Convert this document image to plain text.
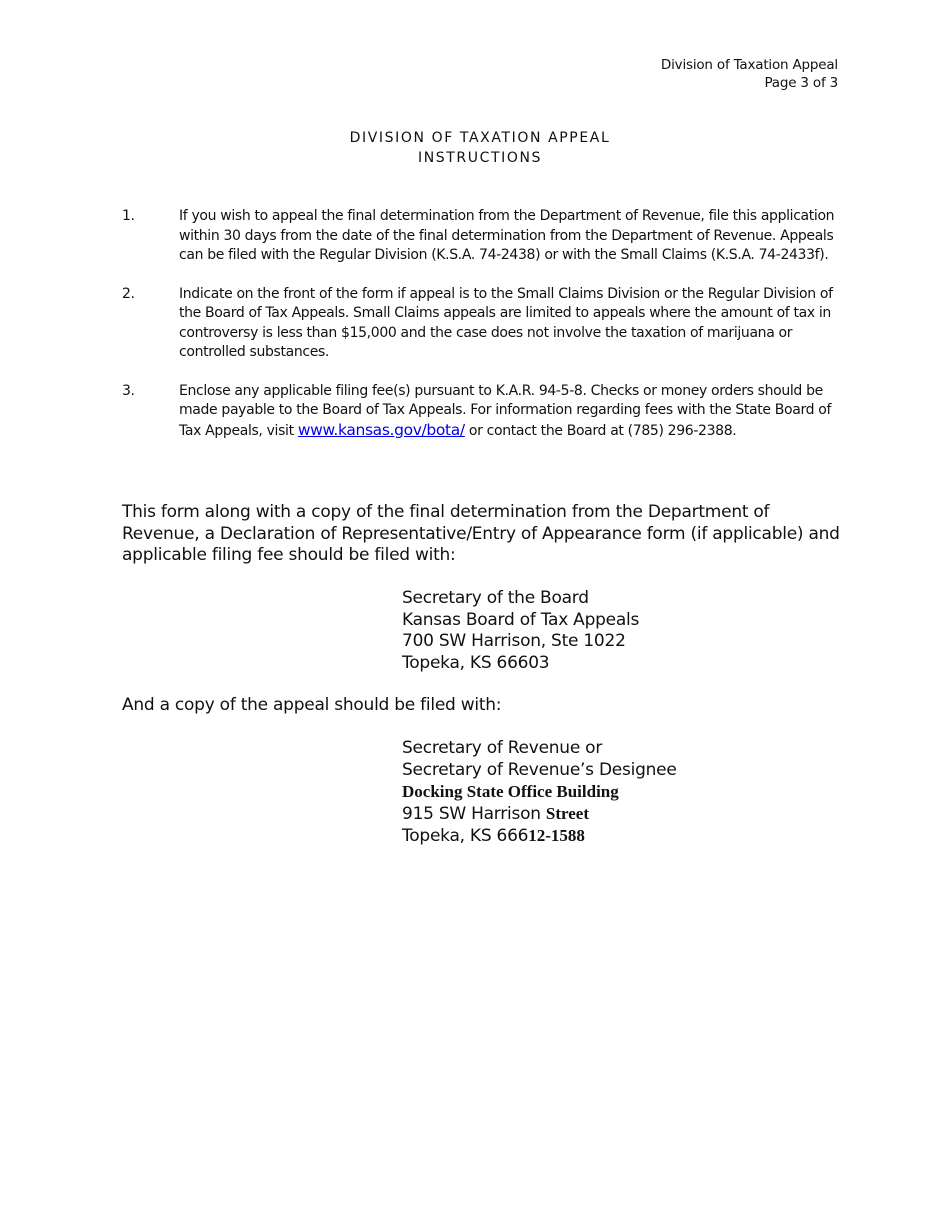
Division of Taxation Appeal
Page 3 of 3
DIVISION OF TAXATION APPEAL
INSTRUCTIONS
1.	If you wish to appeal the final determination from the Department of Revenue, file this application within 30 days from the date of the final determination from the Department of Revenue. Appeals can be filed with the Regular Division (K.S.A. 74-2438) or with the Small Claims (K.S.A. 74-2433f).
2.	Indicate on the front of the form if appeal is to the Small Claims Division or the Regular Division of the Board of Tax Appeals. Small Claims appeals are limited to appeals where the amount of tax in controversy is less than $15,000 and the case does not involve the taxation of marijuana or controlled substances.
3.	Enclose any applicable filing fee(s) pursuant to K.A.R. 94-5-8. Checks or money orders should be made payable to the Board of Tax Appeals. For information regarding fees with the State Board of Tax Appeals, visit www.kansas.gov/bota/ or contact the Board at (785) 296-2388.
This form along with a copy of the final determination from the Department of Revenue, a Declaration of Representative/Entry of Appearance form (if applicable) and applicable filing fee should be filed with:
Secretary of the Board
Kansas Board of Tax Appeals
700 SW Harrison, Ste 1022
Topeka, KS 66603
And a copy of the appeal should be filed with:
Secretary of Revenue or
Secretary of Revenue’s Designee
Docking State Office Building
915 SW Harrison Street
Topeka, KS 66612-1588
